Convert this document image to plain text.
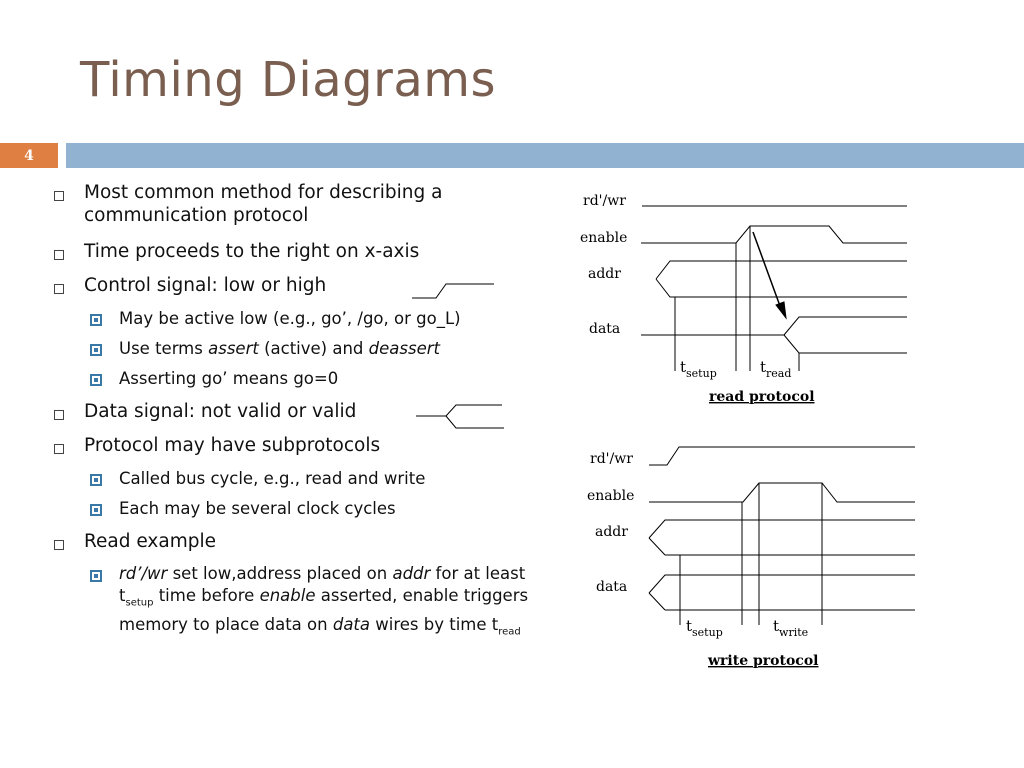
Timing Diagrams
4
Most common method for describing a communication protocol
Time proceeds to the right on x-axis
Control signal: low or high
May be active low (e.g., go’, /go, or go_L)
Use terms assert (active) and deassert
Asserting go’ means go=0
Data signal: not valid or valid
Protocol may have subprotocols
Called bus cycle, e.g., read and write
Each may be several clock cycles
Read example
rd’/wr set low,address placed on addr for at least $t_{setup}$ time before enable asserted, enable triggers memory to place data on data wires by time $t_{read}$
rd'/wr
enable
addr
data
$t_{setup}$	$t_{read}$
read protocol
rd'/wr
enable
addr
data
$t_{setup}$	$t_{write}$
write protocol
